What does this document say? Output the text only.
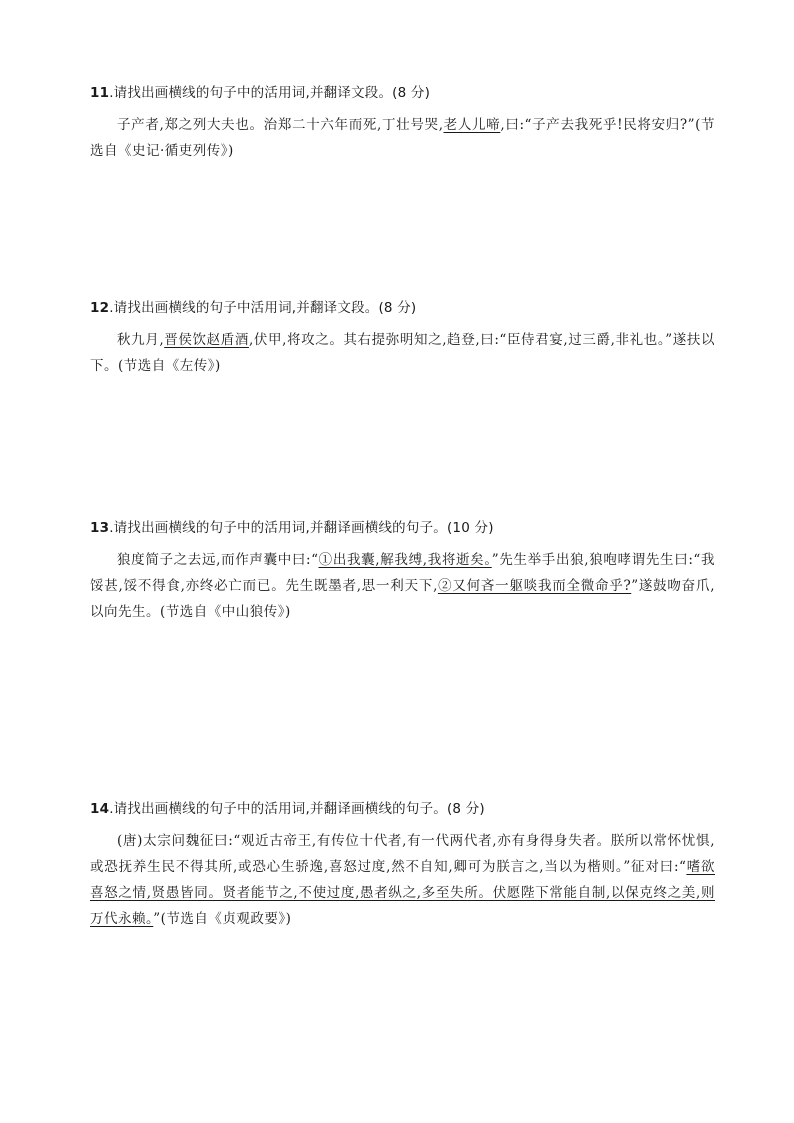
11.请找出画横线的句子中的活用词,并翻译文段。(8 分)

子产者,郑之列大夫也。治郑二十六年而死,丁壮号哭,老人儿啼,曰:“子产去我死乎!民将安归?”(节选自《史记·循吏列传》)

12.请找出画横线的句子中活用词,并翻译文段。(8 分)

秋九月,晋侯饮赵盾酒,伏甲,将攻之。其右提弥明知之,趋登,曰:“臣侍君宴,过三爵,非礼也。”遂扶以下。(节选自《左传》)

13.请找出画横线的句子中的活用词,并翻译画横线的句子。(10 分)

狼度简子之去远,而作声囊中曰:“①出我囊,解我缚,我将逝矣。”先生举手出狼,狼咆哮谓先生曰:“我馁甚,馁不得食,亦终必亡而已。先生既墨者,思一利天下,②又何吝一躯啖我而全微命乎?”遂鼓吻奋爪,以向先生。(节选自《中山狼传》)

14.请找出画横线的句子中的活用词,并翻译画横线的句子。(8 分)

(唐)太宗问魏征曰:“观近古帝王,有传位十代者,有一代两代者,亦有身得身失者。朕所以常怀忧惧,或恐抚养生民不得其所,或恐心生骄逸,喜怒过度,然不自知,卿可为朕言之,当以为楷则。”征对曰:“嗜欲喜怒之情,贤愚皆同。贤者能节之,不使过度,愚者纵之,多至失所。伏愿陛下常能自制,以保克终之美,则万代永赖。”(节选自《贞观政要》)
